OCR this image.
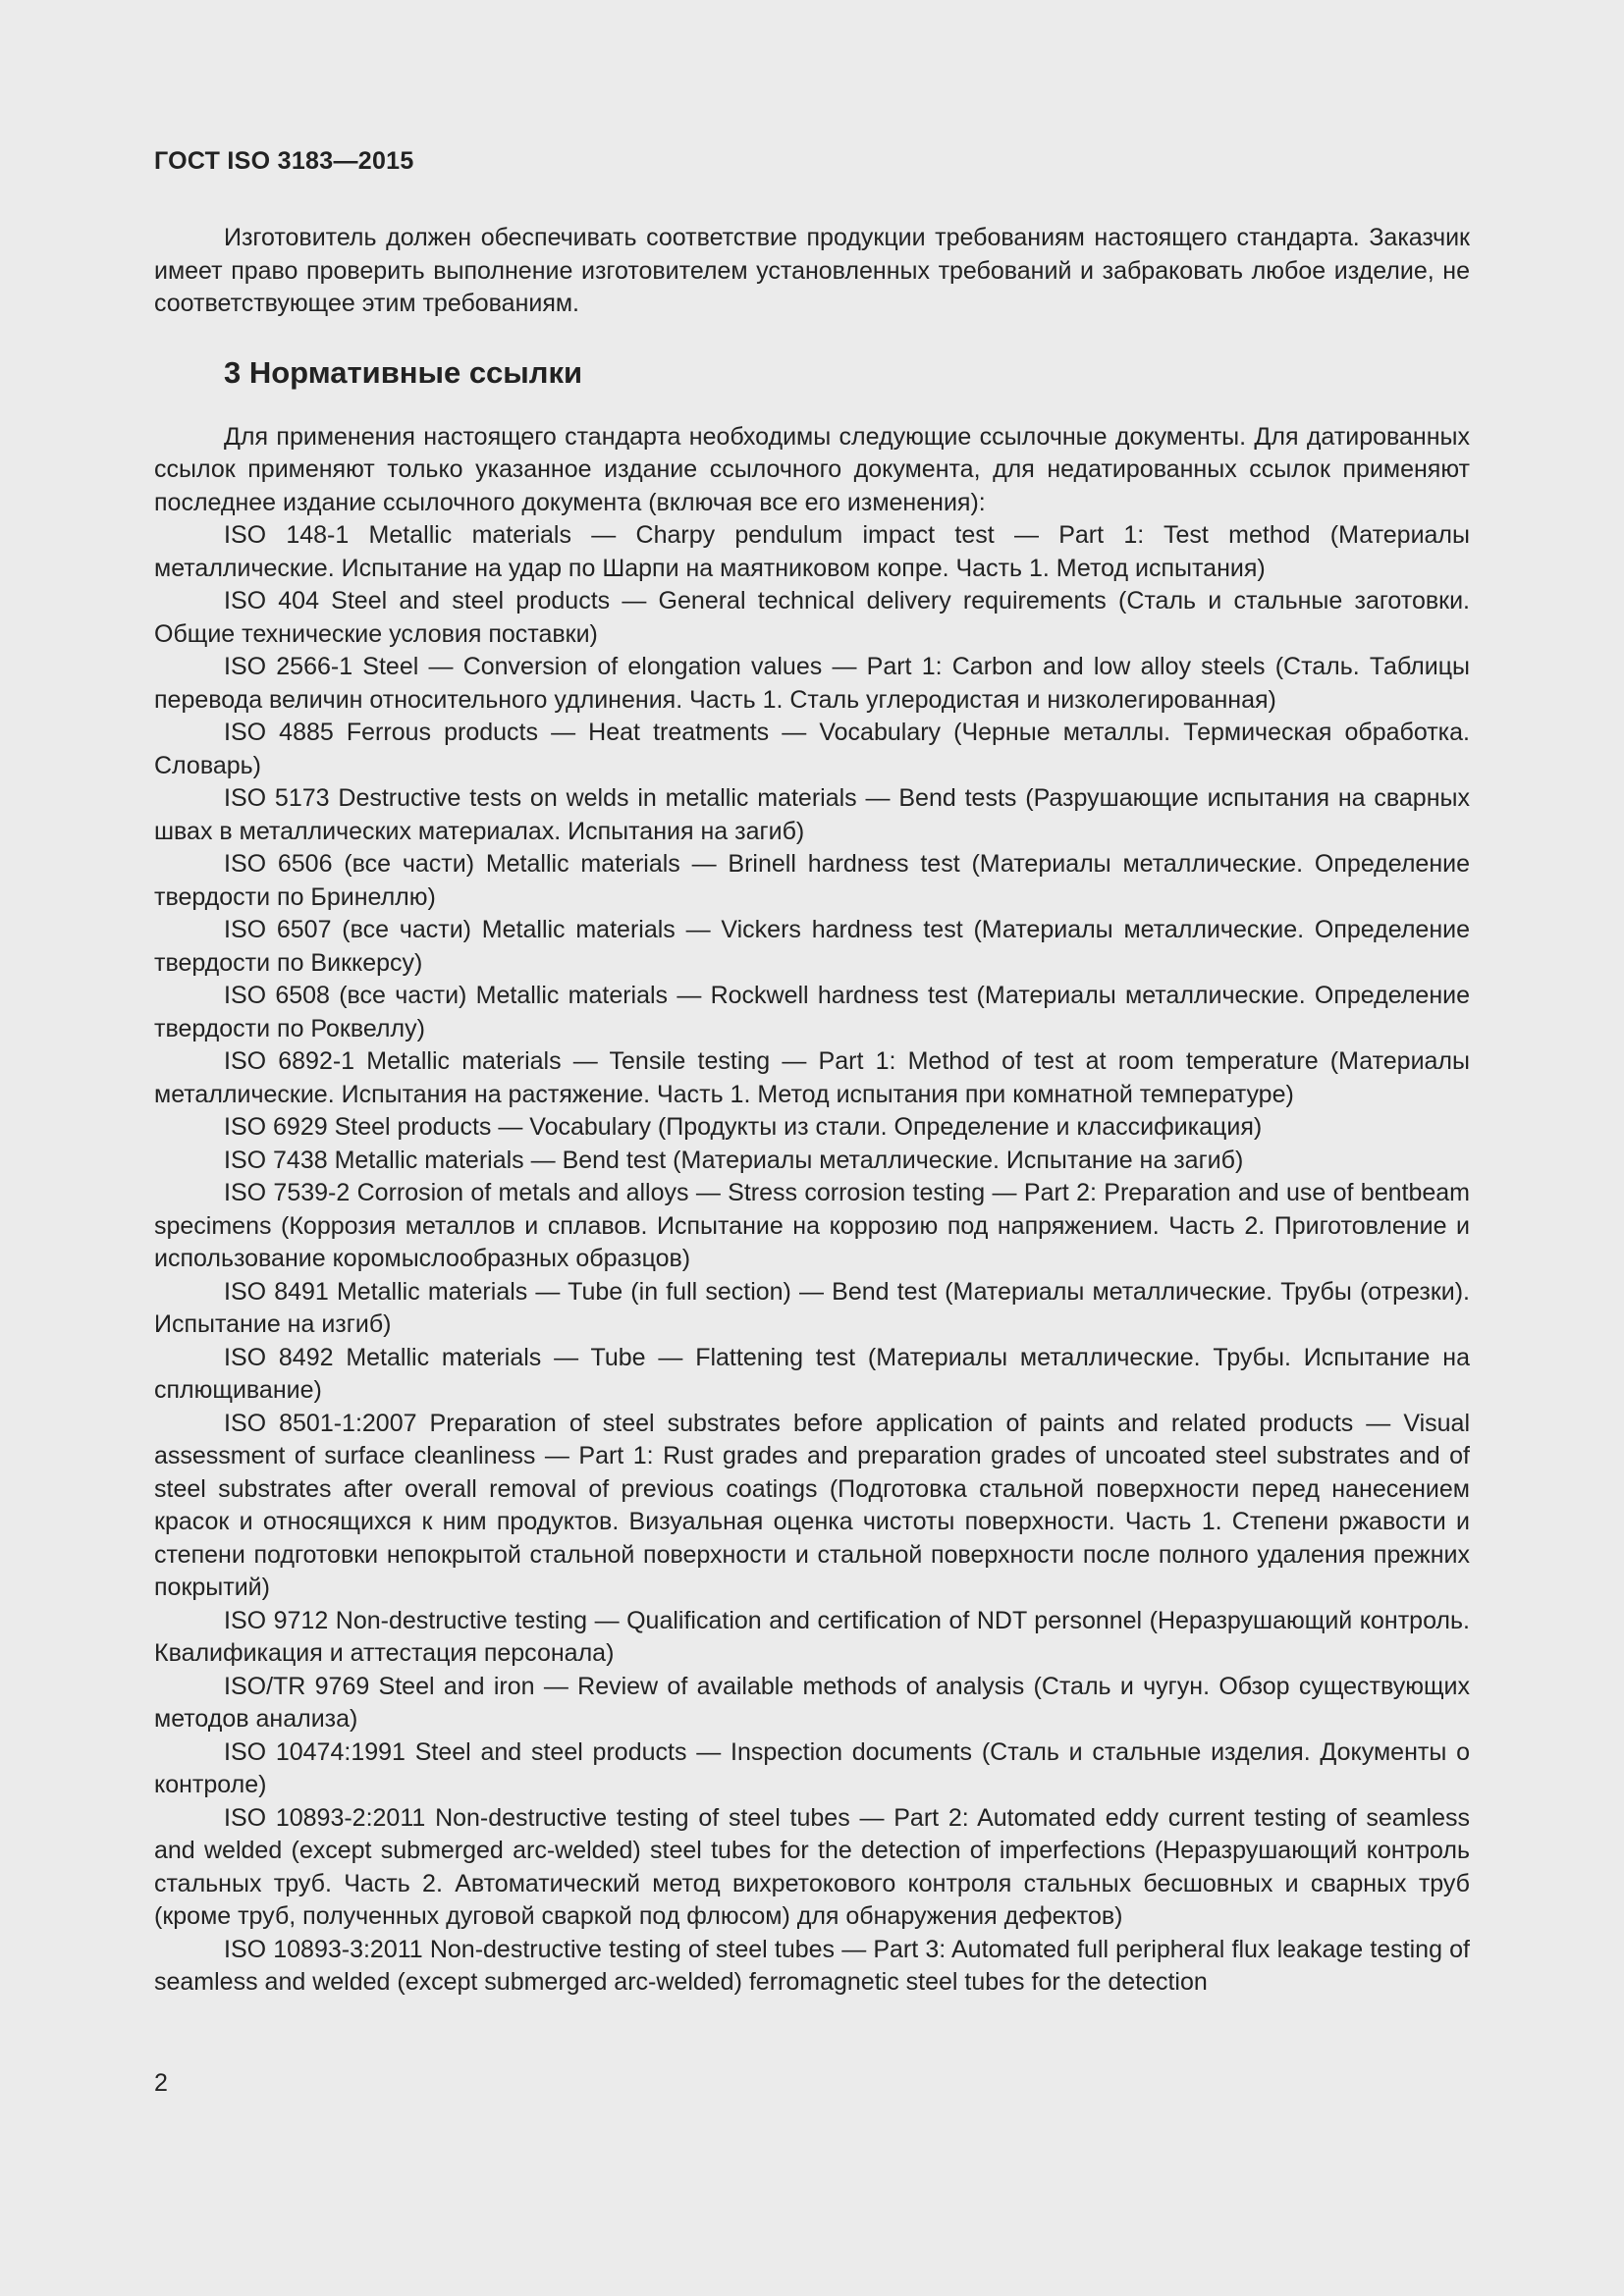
ГОСТ ISO 3183—2015

Изготовитель должен обеспечивать соответствие продукции требованиям настоящего стандарта. Заказчик имеет право проверить выполнение изготовителем установленных требований и забраковать любое изделие, не соответствующее этим требованиям.

3 Нормативные ссылки

Для применения настоящего стандарта необходимы следующие ссылочные документы. Для датированных ссылок применяют только указанное издание ссылочного документа, для недатированных ссылок применяют последнее издание ссылочного документа (включая все его изменения):

ISO 148-1 Metallic materials — Charpy pendulum impact test — Part 1: Test method (Материалы металлические. Испытание на удар по Шарпи на маятниковом копре. Часть 1. Метод испытания)

ISO 404 Steel and steel products — General technical delivery requirements (Сталь и стальные заготовки. Общие технические условия поставки)

ISO 2566-1 Steel — Conversion of elongation values — Part 1: Carbon and low alloy steels (Сталь. Таблицы перевода величин относительного удлинения. Часть 1. Сталь углеродистая и низколегированная)

ISO 4885 Ferrous products — Heat treatments — Vocabulary (Черные металлы. Термическая обработка. Словарь)

ISO 5173 Destructive tests on welds in metallic materials — Bend tests (Разрушающие испытания на сварных швах в металлических материалах. Испытания на загиб)

ISO 6506 (все части) Metallic materials — Brinell hardness test (Материалы металлические. Определение твердости по Бринеллю)

ISO 6507 (все части) Metallic materials — Vickers hardness test (Материалы металлические. Определение твердости по Виккерсу)

ISO 6508 (все части) Metallic materials — Rockwell hardness test (Материалы металлические. Определение твердости по Роквеллу)

ISO 6892-1 Metallic materials — Tensile testing — Part 1: Method of test at room temperature (Материалы металлические. Испытания на растяжение. Часть 1. Метод испытания при комнатной температуре)

ISO 6929 Steel products — Vocabulary (Продукты из стали. Определение и классификация)

ISO 7438 Metallic materials — Bend test (Материалы металлические. Испытание на загиб)

ISO 7539-2 Corrosion of metals and alloys — Stress corrosion testing — Part 2: Preparation and use of bentbeam specimens (Коррозия металлов и сплавов. Испытание на коррозию под напряжением. Часть 2. Приготовление и использование коромыслообразных образцов)

ISO 8491 Metallic materials — Tube (in full section) — Bend test (Материалы металлические. Трубы (отрезки). Испытание на изгиб)

ISO 8492 Metallic materials — Tube — Flattening test (Материалы металлические. Трубы. Испытание на сплющивание)

ISO 8501-1:2007 Preparation of steel substrates before application of paints and related products — Visual assessment of surface cleanliness — Part 1: Rust grades and preparation grades of uncoated steel substrates and of steel substrates after overall removal of previous coatings (Подготовка стальной поверхности перед нанесением красок и относящихся к ним продуктов. Визуальная оценка чистоты поверхности. Часть 1. Степени ржавости и степени подготовки непокрытой стальной поверхности и стальной поверхности после полного удаления прежних покрытий)

ISO 9712 Non-destructive testing — Qualification and certification of NDT personnel (Неразрушающий контроль. Квалификация и аттестация персонала)

ISO/TR 9769 Steel and iron — Review of available methods of analysis (Сталь и чугун. Обзор существующих методов анализа)

ISO 10474:1991 Steel and steel products — Inspection documents (Сталь и стальные изделия. Документы о контроле)

ISO 10893-2:2011 Non-destructive testing of steel tubes — Part 2: Automated eddy current testing of seamless and welded (except submerged arc-welded) steel tubes for the detection of imperfections (Неразрушающий контроль стальных труб. Часть 2. Автоматический метод вихретокового контроля стальных бесшовных и сварных труб (кроме труб, полученных дуговой сваркой под флюсом) для обнаружения дефектов)

ISO 10893-3:2011 Non-destructive testing of steel tubes — Part 3: Automated full peripheral flux leakage testing of seamless and welded (except submerged arc-welded) ferromagnetic steel tubes for the detection

2
